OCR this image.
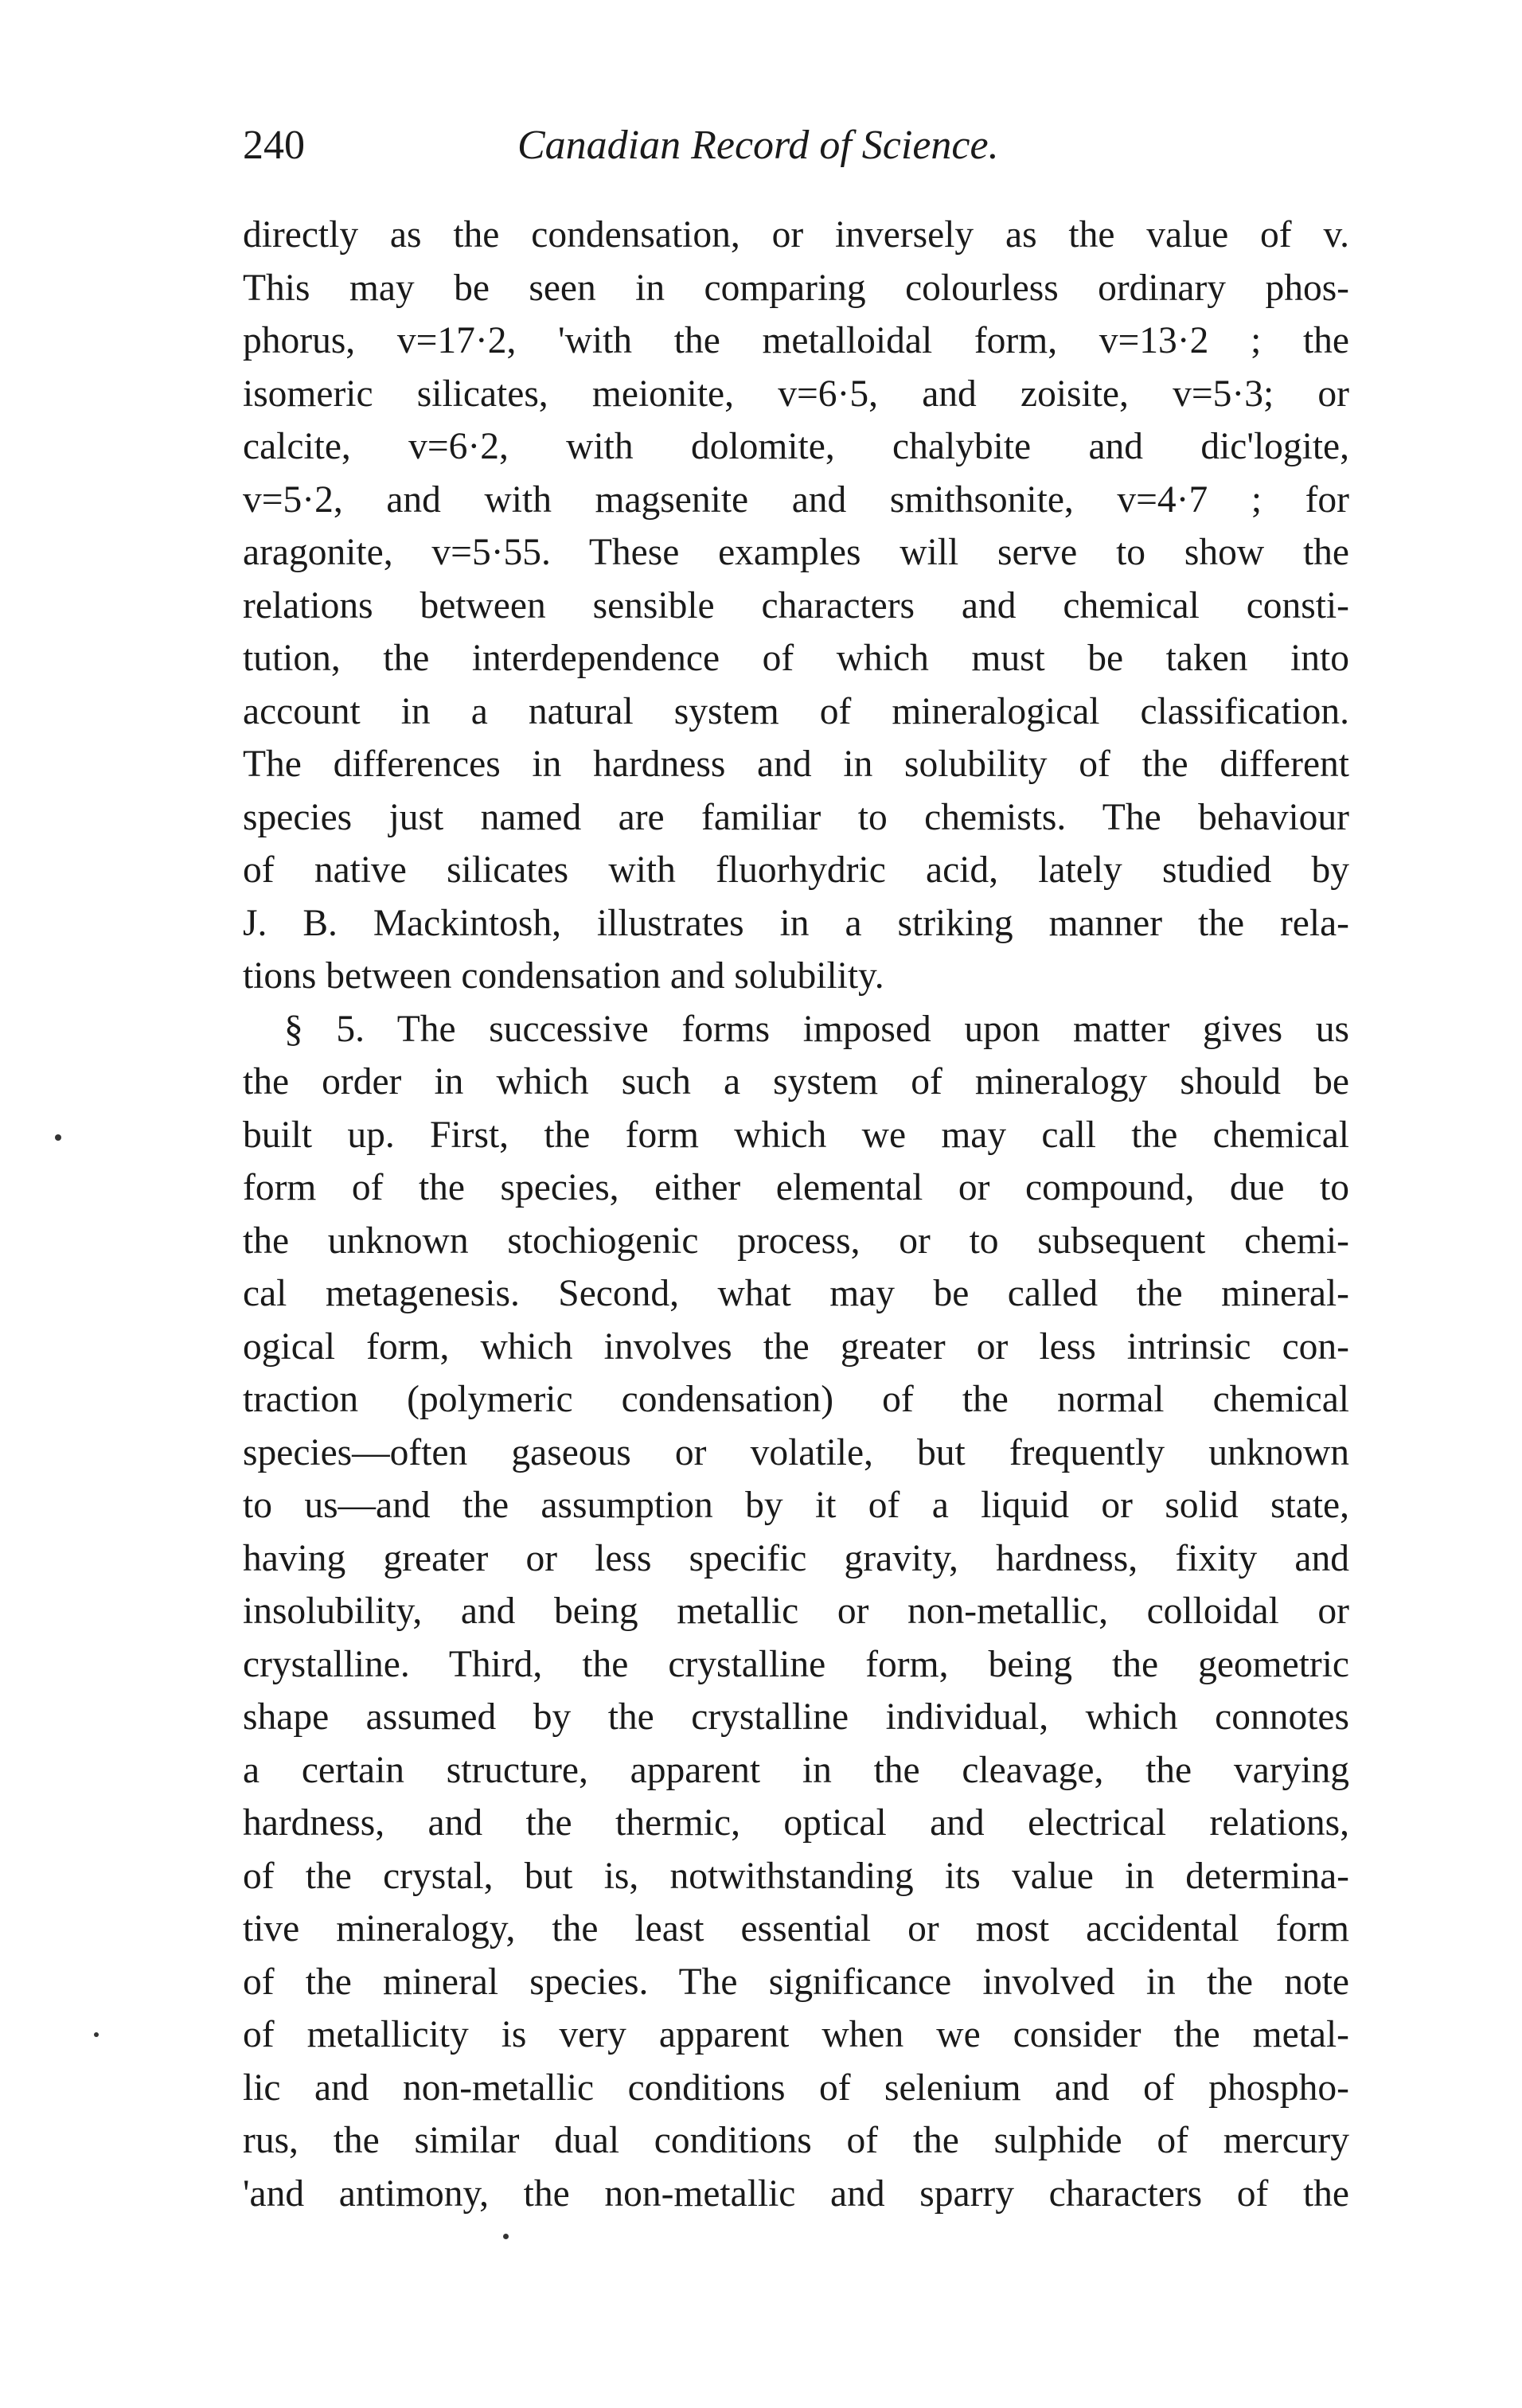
240	Canadian Record of Science.
directly as the condensation, or inversely as the value of v.
This may be seen in comparing colourless ordinary phos-
phorus, v=17·2, 'with the metalloidal form, v=13·2 ; the
isomeric silicates, meionite, v=6·5, and zoisite, v=5·3; or
calcite, v=6·2, with dolomite, chalybite and dic'logite,
v=5·2, and with magsenite and smithsonite, v=4·7 ; for
aragonite, v=5·55. These examples will serve to show the
relations between sensible characters and chemical consti-
tution, the interdependence of which must be taken into
account in a natural system of mineralogical classification.
The differences in hardness and in solubility of the different
species just named are familiar to chemists. The behaviour
of native silicates with fluorhydric acid, lately studied by
J. B. Mackintosh, illustrates in a striking manner the rela-
tions between condensation and solubility.
§ 5. The successive forms imposed upon matter gives us
the order in which such a system of mineralogy should be
built up. First, the form which we may call the chemical
form of the species, either elemental or compound, due to
the unknown stochiogenic process, or to subsequent chemi-
cal metagenesis. Second, what may be called the mineral-
ogical form, which involves the greater or less intrinsic con-
traction (polymeric condensation) of the normal chemical
species—often gaseous or volatile, but frequently unknown
to us—and the assumption by it of a liquid or solid state,
having greater or less specific gravity, hardness, fixity and
insolubility, and being metallic or non-metallic, colloidal or
crystalline. Third, the crystalline form, being the geometric
shape assumed by the crystalline individual, which connotes
a certain structure, apparent in the cleavage, the varying
hardness, and the thermic, optical and electrical relations,
of the crystal, but is, notwithstanding its value in determina-
tive mineralogy, the least essential or most accidental form
of the mineral species. The significance involved in the note
of metallicity is very apparent when we consider the metal-
lic and non-metallic conditions of selenium and of phospho-
rus, the similar dual conditions of the sulphide of mercury
'and antimony, the non-metallic and sparry characters of the
